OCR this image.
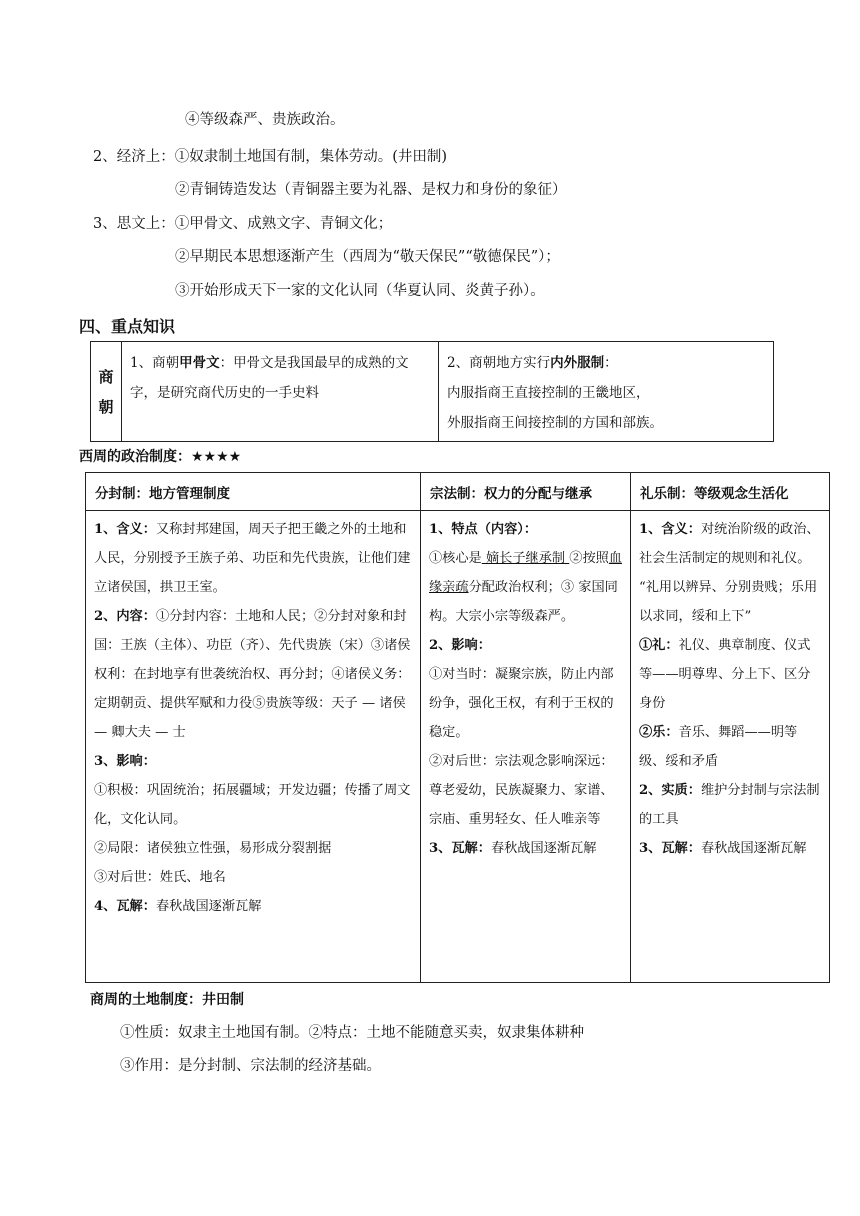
④等级森严、贵族政治。
2、经济上：①奴隶制土地国有制，集体劳动。(井田制)
②青铜铸造发达（青铜器主要为礼器、是权力和身份的象征）
3、思文上：①甲骨文、成熟文字、青铜文化；
②早期民本思想逐渐产生（西周为“敬天保民”“敬德保民”）；
③开始形成天下一家的文化认同（华夏认同、炎黄子孙）。
四、重点知识
商
朝
1、商朝甲骨文：甲骨文是我国最早的成熟的文字，是研究商代历史的一手史料
2、商朝地方实行内外服制：
内服指商王直接控制的王畿地区，
外服指商王间接控制的方国和部族。
西周的政治制度：★★★★
分封制：地方管理制度	宗法制：权力的分配与继承	礼乐制：等级观念生活化

1、含义：又称封邦建国，周天子把王畿之外的土地和人民，分别授予王族子弟、功臣和先代贵族，让他们建立诸侯国，拱卫王室。

2、内容：①分封内容：土地和人民；②分封对象和封国：王族（主体）、功臣（齐）、先代贵族（宋）③诸侯权利：在封地享有世袭统治权、再分封；④诸侯义务：定期朝贡、提供军赋和力役⑤贵族等级：天子 — 诸侯 — 卿大夫 — 士

3、影响：

①积极：巩固统治；拓展疆域；开发边疆；传播了周文化，文化认同。

②局限：诸侯独立性强，易形成分裂割据

③对后世：姓氏、地名

4、瓦解：春秋战国逐渐瓦解

1、特点（内容）：

①核心是 嫡长子继承制 ②按照血缘亲疏分配政治权利；③ 家国同构。大宗小宗等级森严。

2、影响：

①对当时：凝聚宗族，防止内部纷争，强化王权，有利于王权的稳定。

②对后世：宗法观念影响深远：尊老爱幼，民族凝聚力、家谱、宗庙、重男轻女、任人唯亲等

3、瓦解：春秋战国逐渐瓦解

1、含义：对统治阶级的政治、社会生活制定的规则和礼仪。

“礼用以辨异、分别贵贱；乐用以求同，绥和上下”

①礼：礼仪、典章制度、仪式等——明尊卑、分上下、区分身份

②乐：音乐、舞蹈——明等级、绥和矛盾

2、实质：维护分封制与宗法制的工具

3、瓦解：春秋战国逐渐瓦解

商周的土地制度：井田制
①性质：奴隶主土地国有制。②特点：土地不能随意买卖，奴隶集体耕种
③作用：是分封制、宗法制的经济基础。
